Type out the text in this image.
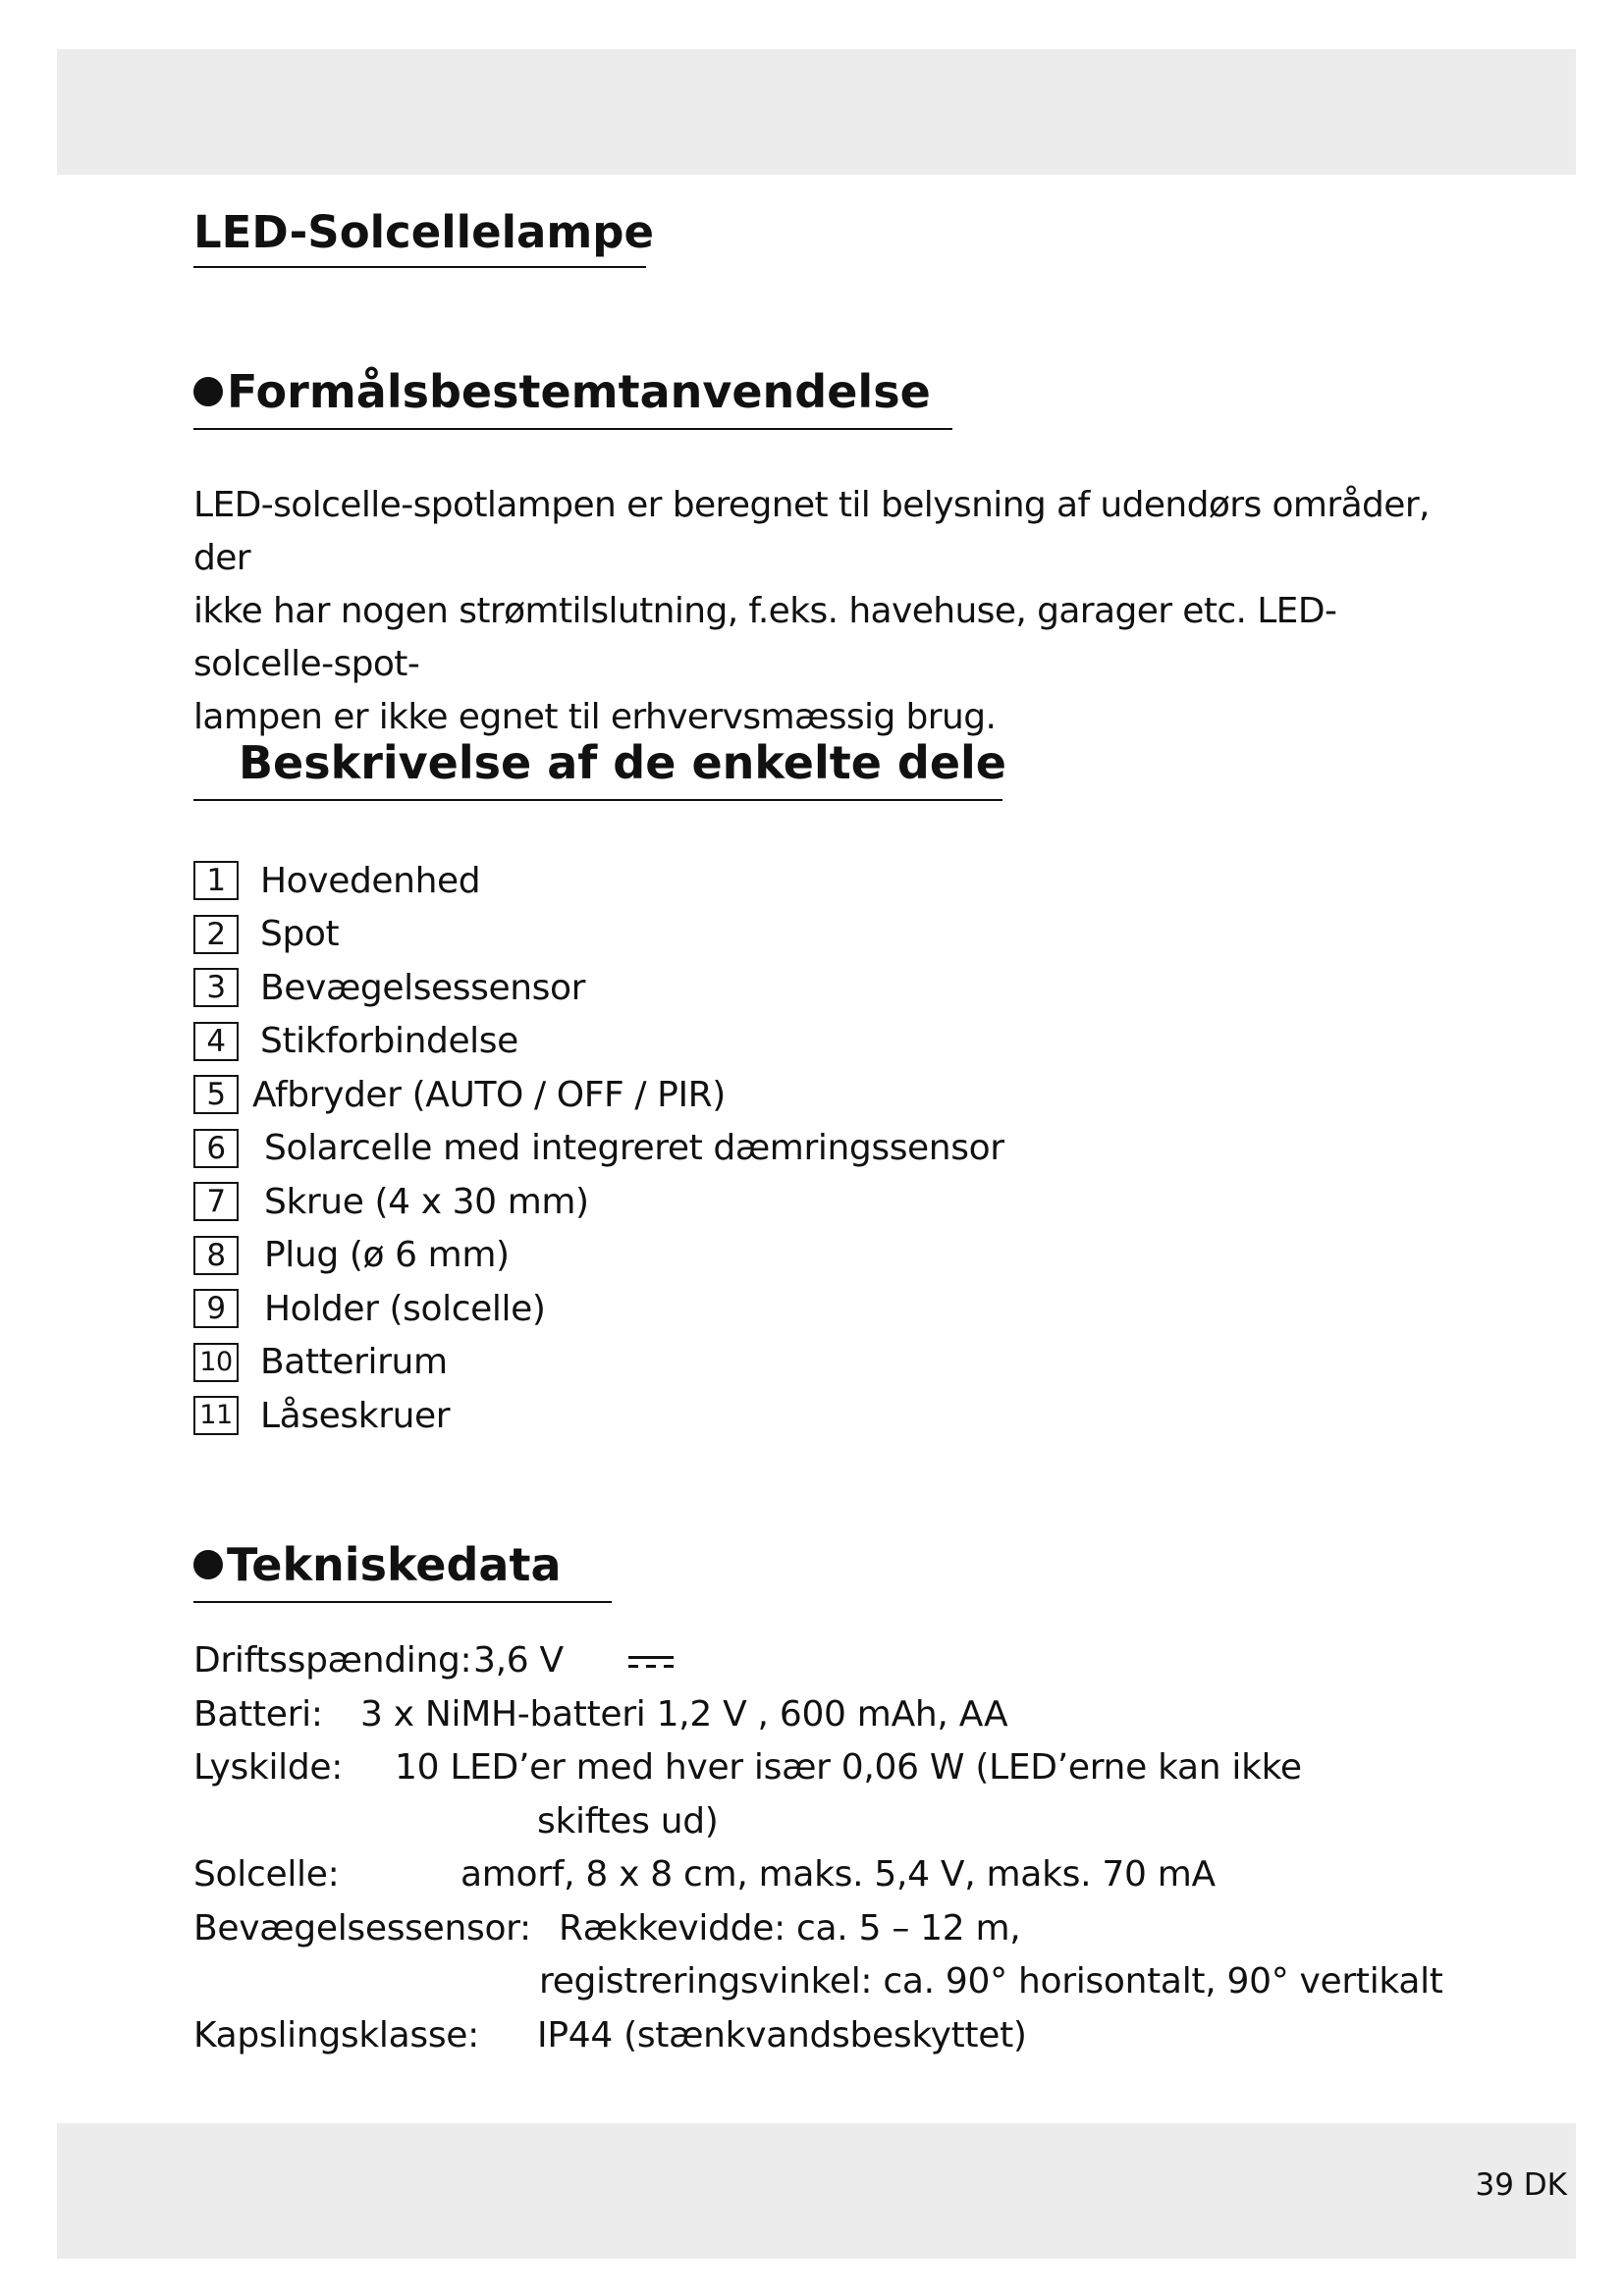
LED-Solcellelampe
Formålsbestemtanvendelse
LED-solcelle-spotlampen er beregnet til belysning af udendørs områder, der
ikke har nogen strømtilslutning, f.eks. havehuse, garager etc. LED-solcelle-spot-
lampen er ikke egnet til erhvervsmæssig brug.
Beskrivelse af de enkelte dele
1 Hovedenhed
2 Spot
3 Bevægelsessensor
4 Stikforbindelse
5 Afbryder (AUTO / OFF / PIR)
6	Solarcelle med integreret dæmringssensor
7	Skrue (4 x 30 mm)
8	Plug (ø 6 mm)
9	Holder (solcelle)
10 Batterirum
11 Låseskruer
Tekniskedata
Driftsspænding: 3,6 V
Batteri: 3 x NiMH-batteri 1,2 V , 600 mAh, AA
Lyskilde: 10 LED’er med hver især 0,06 W (LED’erne kan ikke
skiftes ud)
Solcelle:	amorf, 8 x 8 cm, maks. 5,4 V, maks. 70 mA
Bevægelsessensor: Rækkevidde: ca. 5 – 12 m,
registreringsvinkel: ca. 90° horisontalt, 90° vertikalt
Kapslingsklasse: IP44 (stænkvandsbeskyttet)
39 DK
